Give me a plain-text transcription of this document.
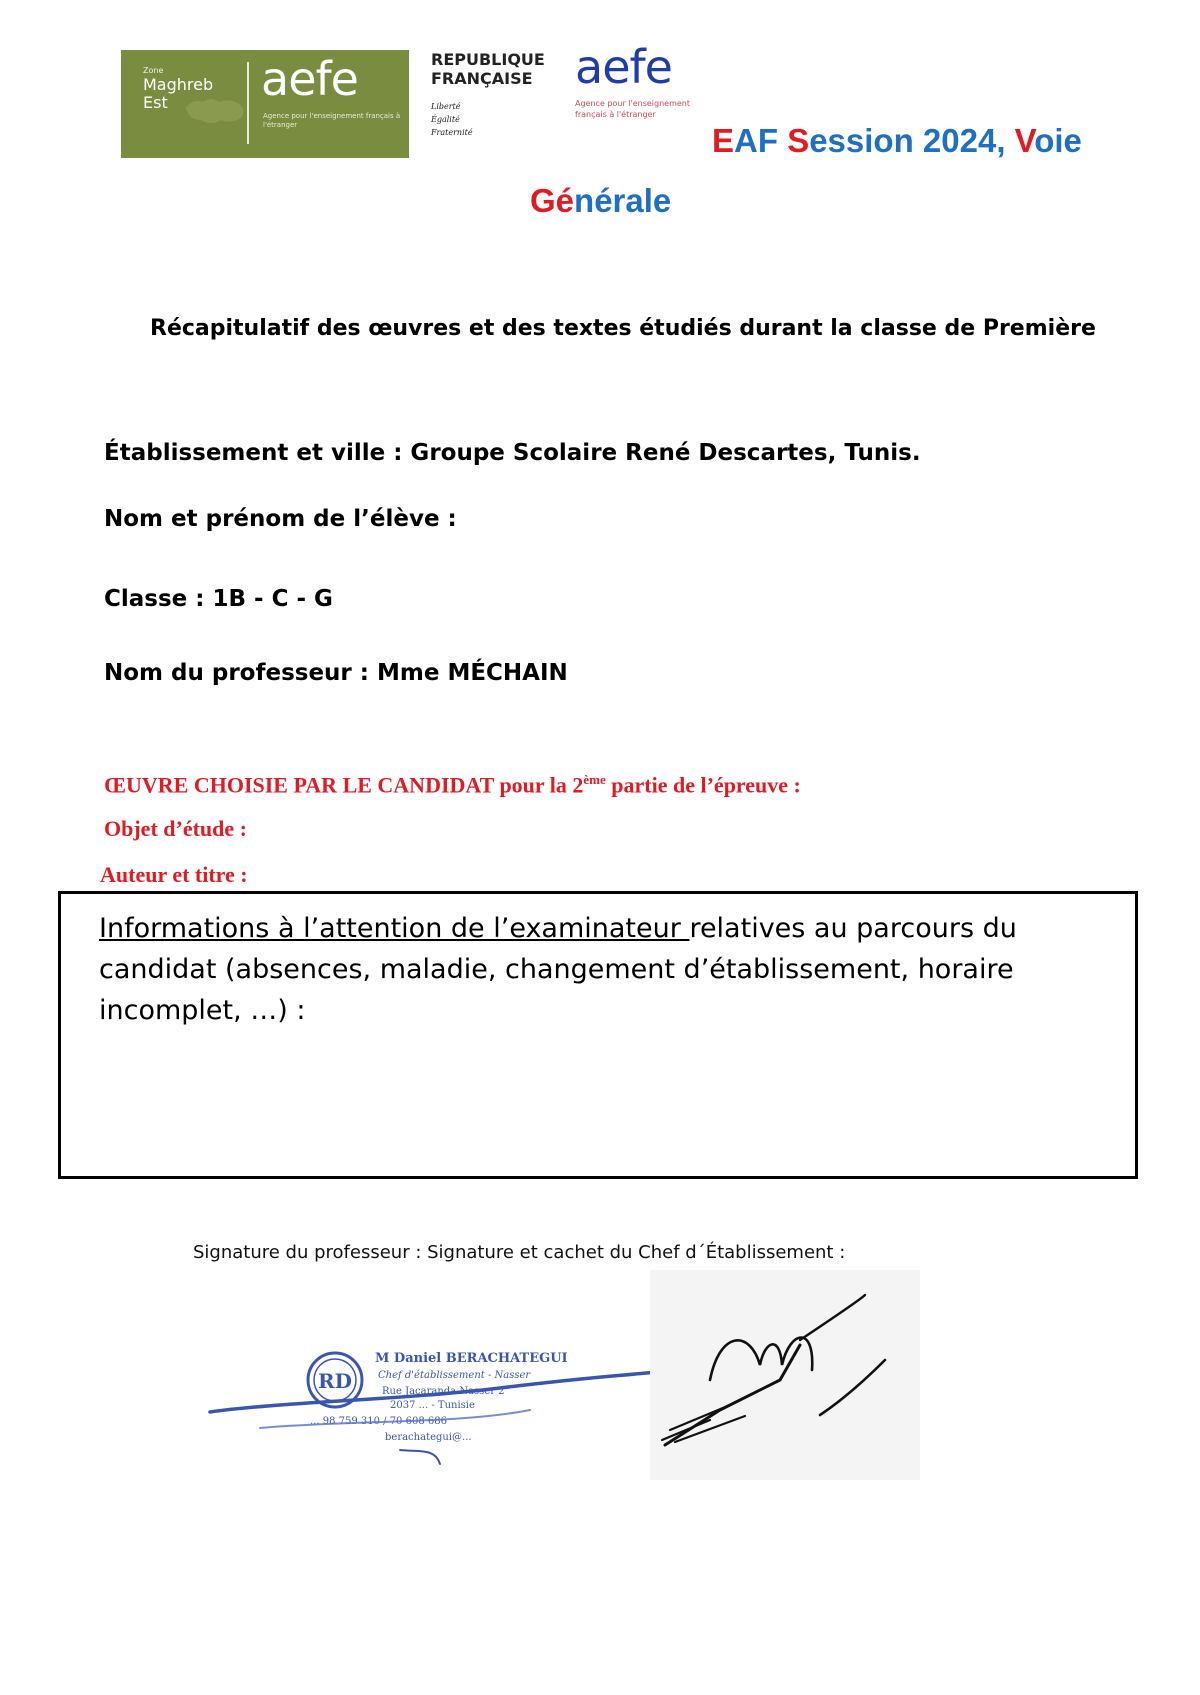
Zone
Maghreb
Est	aefe
Agence pour l'enseignement français à l'étranger
REPUBLIQUE
FRANÇAISE
Liberté
Égalité
Fraternité
aefe
Agence pour l'enseignement français à l'étranger
EAF Session 2024, Voie
Générale
Récapitulatif des œuvres et des textes étudiés durant la classe de Première
Établissement et ville : Groupe Scolaire René Descartes, Tunis.
Nom et prénom de l’élève :
Classe : 1B - C - G
Nom du professeur : Mme MÉCHAIN
ŒUVRE CHOISIE PAR LE CANDIDAT pour la 2ème partie de l’épreuve :
Objet d’étude :
Auteur et titre :
Informations à l’attention de l’examinateur relatives au parcours du candidat (absences, maladie, changement d’établissement, horaire incomplet, …) :
Signature du professeur : Signature et cachet du Chef d´Établissement :
RD
M Daniel BERACHATEGUI
Chef d'établissement - Nasser
Rue Jacaranda Nasser 2
2037 ... - Tunisie
... 98 759 310 / 70 608 686
berachategui@...
